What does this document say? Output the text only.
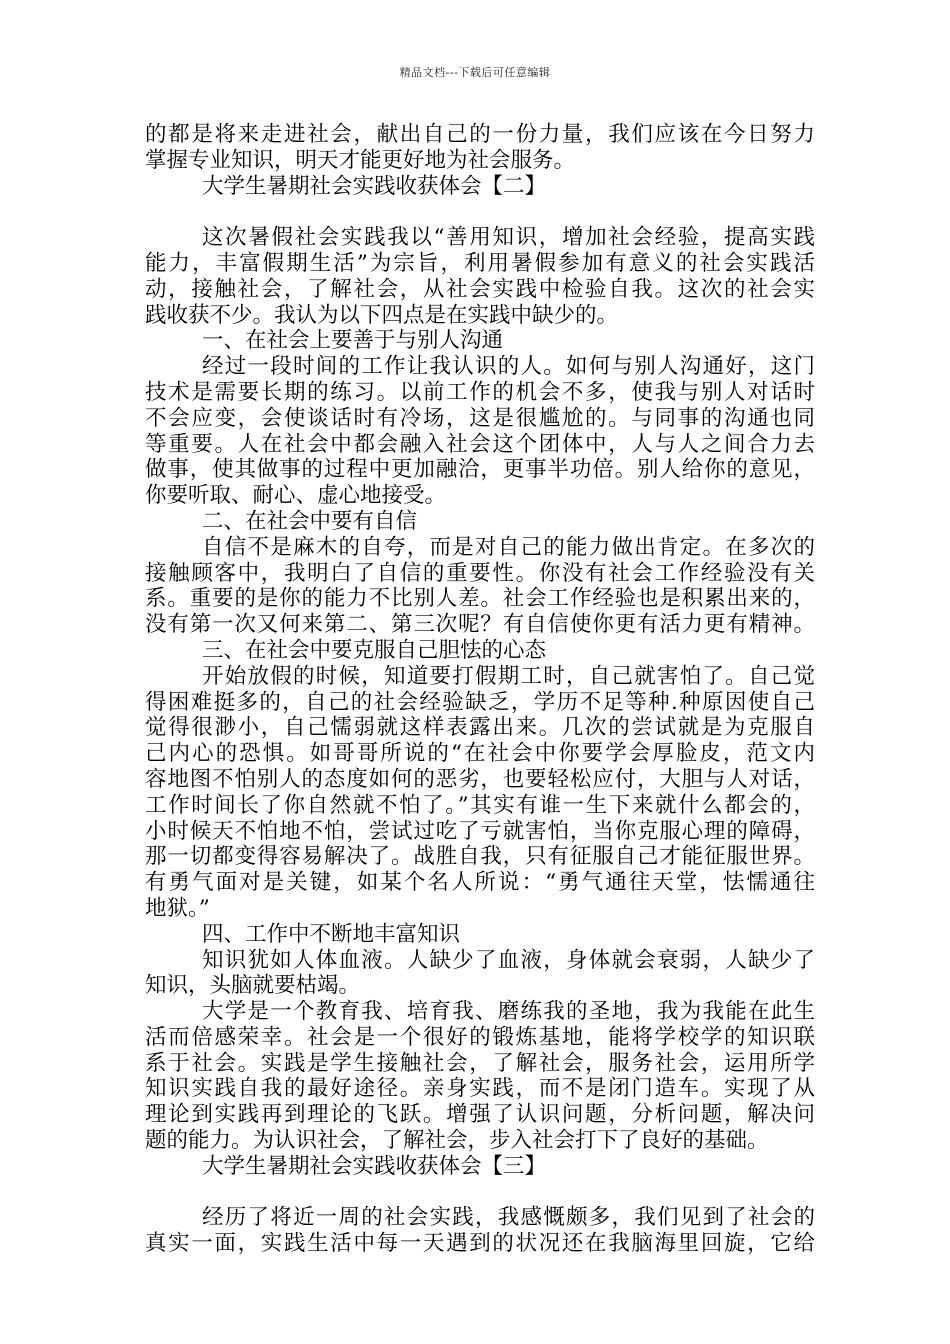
精品文档---下载后可任意编辑
的都是将来走进社会，献出自己的一份力量，我们应该在今日努力
掌握专业知识，明天才能更好地为社会服务。
大学生暑期社会实践收获体会【二】
这次暑假社会实践我以“善用知识，增加社会经验，提高实践
能力，丰富假期生活”为宗旨，利用暑假参加有意义的社会实践活
动，接触社会，了解社会，从社会实践中检验自我。这次的社会实
践收获不少。我认为以下四点是在实践中缺少的。
一、在社会上要善于与别人沟通
经过一段时间的工作让我认识的人。如何与别人沟通好，这门
技术是需要长期的练习。以前工作的机会不多，使我与别人对话时
不会应变，会使谈话时有冷场，这是很尴尬的。与同事的沟通也同
等重要。人在社会中都会融入社会这个团体中，人与人之间合力去
做事，使其做事的过程中更加融洽，更事半功倍。别人给你的意见，
你要听取、耐心、虚心地接受。
二、在社会中要有自信
自信不是麻木的自夸，而是对自己的能力做出肯定。在多次的
接触顾客中，我明白了自信的重要性。你没有社会工作经验没有关
系。重要的是你的能力不比别人差。社会工作经验也是积累出来的，
没有第一次又何来第二、第三次呢？有自信使你更有活力更有精神。
三、在社会中要克服自己胆怯的心态
开始放假的时候，知道要打假期工时，自己就害怕了。自己觉
得困难挺多的，自己的社会经验缺乏，学历不足等种.种原因使自己
觉得很渺小，自己懦弱就这样表露出来。几次的尝试就是为克服自
己内心的恐惧。如哥哥所说的“在社会中你要学会厚脸皮，范文内
容地图不怕别人的态度如何的恶劣，也要轻松应付，大胆与人对话，
工作时间长了你自然就不怕了。”其实有谁一生下来就什么都会的，
小时候天不怕地不怕，尝试过吃了亏就害怕，当你克服心理的障碍，
那一切都变得容易解决了。战胜自我，只有征服自己才能征服世界。
有勇气面对是关键，如某个名人所说：“勇气通往天堂，怯懦通往
地狱。”
四、工作中不断地丰富知识
知识犹如人体血液。人缺少了血液，身体就会衰弱，人缺少了
知识，头脑就要枯竭。
大学是一个教育我、培育我、磨练我的圣地，我为我能在此生
活而倍感荣幸。社会是一个很好的锻炼基地，能将学校学的知识联
系于社会。实践是学生接触社会，了解社会，服务社会，运用所学
知识实践自我的最好途径。亲身实践，而不是闭门造车。实现了从
理论到实践再到理论的飞跃。增强了认识问题，分析问题，解决问
题的能力。为认识社会，了解社会，步入社会打下了良好的基础。
大学生暑期社会实践收获体会【三】
经历了将近一周的社会实践，我感慨颇多，我们见到了社会的
真实一面，实践生活中每一天遇到的状况还在我脑海里回旋，它给
